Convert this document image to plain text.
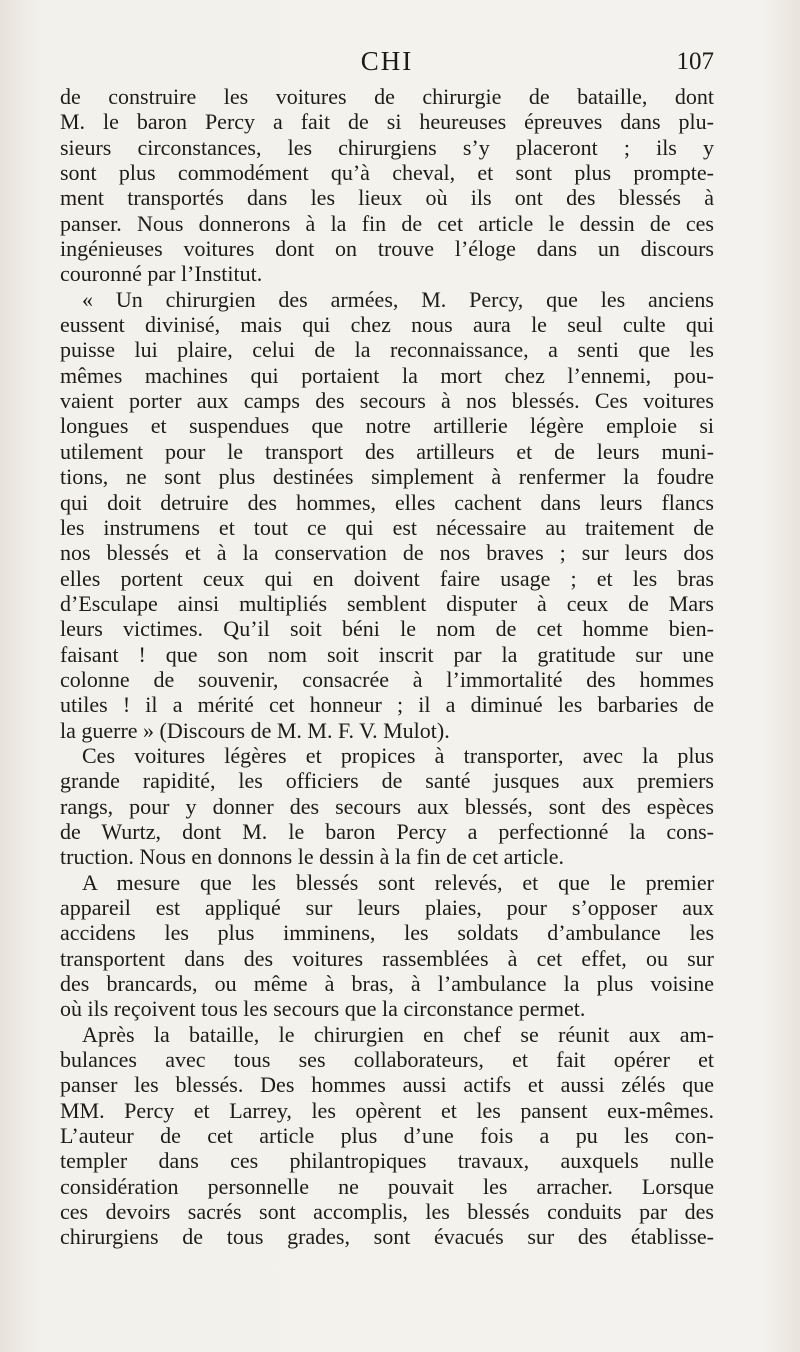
CHI	107
de construire les voitures de chirurgie de bataille, dont
M. le baron Percy a fait de si heureuses épreuves dans plu-
sieurs circonstances, les chirurgiens s’y placeront ; ils y
sont plus commodément qu’à cheval, et sont plus prompte-
ment transportés dans les lieux où ils ont des blessés à
panser. Nous donnerons à la fin de cet article le dessin de ces
ingénieuses voitures dont on trouve l’éloge dans un discours
couronné par l’Institut.
« Un chirurgien des armées, M. Percy, que les anciens
eussent divinisé, mais qui chez nous aura le seul culte qui
puisse lui plaire, celui de la reconnaissance, a senti que les
mêmes machines qui portaient la mort chez l’ennemi, pou-
vaient porter aux camps des secours à nos blessés. Ces voitures
longues et suspendues que notre artillerie légère emploie si
utilement pour le transport des artilleurs et de leurs muni-
tions, ne sont plus destinées simplement à renfermer la foudre
qui doit detruire des hommes, elles cachent dans leurs flancs
les instrumens et tout ce qui est nécessaire au traitement de
nos blessés et à la conservation de nos braves ; sur leurs dos
elles portent ceux qui en doivent faire usage ; et les bras
d’Esculape ainsi multipliés semblent disputer à ceux de Mars
leurs victimes. Qu’il soit béni le nom de cet homme bien-
faisant ! que son nom soit inscrit par la gratitude sur une
colonne de souvenir, consacrée à l’immortalité des hommes
utiles ! il a mérité cet honneur ; il a diminué les barbaries de
la guerre » (Discours de M. M. F. V. Mulot).
Ces voitures légères et propices à transporter, avec la plus
grande rapidité, les officiers de santé jusques aux premiers
rangs, pour y donner des secours aux blessés, sont des espèces
de Wurtz, dont M. le baron Percy a perfectionné la cons-
truction. Nous en donnons le dessin à la fin de cet article.
A mesure que les blessés sont relevés, et que le premier
appareil est appliqué sur leurs plaies, pour s’opposer aux
accidens les plus imminens, les soldats d’ambulance les
transportent dans des voitures rassemblées à cet effet, ou sur
des brancards, ou même à bras, à l’ambulance la plus voisine
où ils reçoivent tous les secours que la circonstance permet.
Après la bataille, le chirurgien en chef se réunit aux am-
bulances avec tous ses collaborateurs, et fait opérer et
panser les blessés. Des hommes aussi actifs et aussi zélés que
MM. Percy et Larrey, les opèrent et les pansent eux-mêmes.
L’auteur de cet article plus d’une fois a pu les con-
templer dans ces philantropiques travaux, auxquels nulle
considération personnelle ne pouvait les arracher. Lorsque
ces devoirs sacrés sont accomplis, les blessés conduits par des
chirurgiens de tous grades, sont évacués sur des établisse-
